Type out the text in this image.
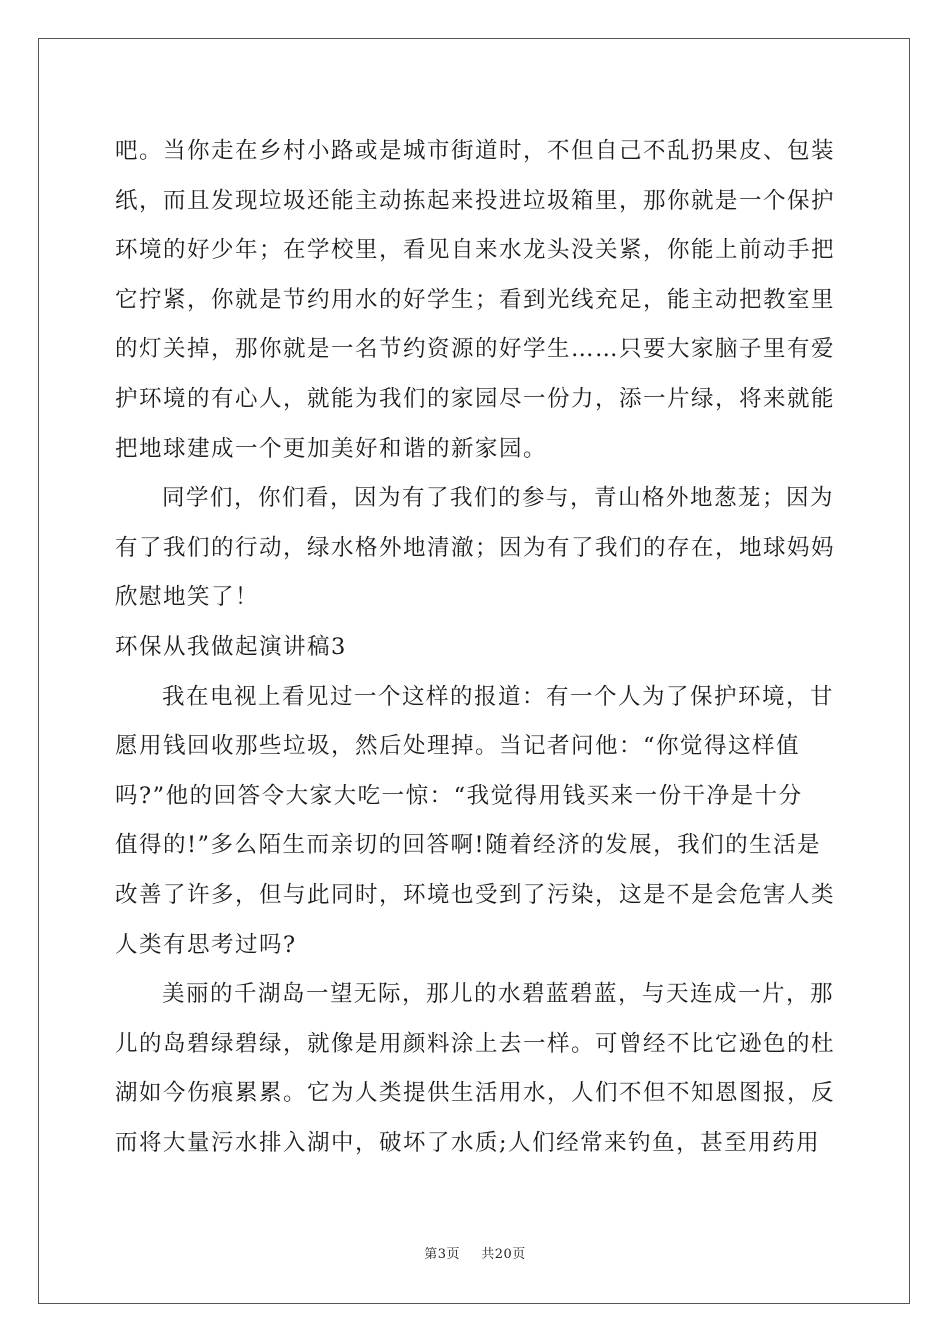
吧。当你走在乡村小路或是城市街道时，不但自己不乱扔果皮、包装
纸，而且发现垃圾还能主动拣起来投进垃圾箱里，那你就是一个保护
环境的好少年；在学校里，看见自来水龙头没关紧，你能上前动手把
它拧紧，你就是节约用水的好学生；看到光线充足，能主动把教室里
的灯关掉，那你就是一名节约资源的好学生……只要大家脑子里有爱
护环境的有心人，就能为我们的家园尽一份力，添一片绿，将来就能
把地球建成一个更加美好和谐的新家园。
同学们，你们看，因为有了我们的参与，青山格外地葱茏；因为
有了我们的行动，绿水格外地清澈；因为有了我们的存在，地球妈妈
欣慰地笑了！
环保从我做起演讲稿3
我在电视上看见过一个这样的报道：有一个人为了保护环境，甘
愿用钱回收那些垃圾，然后处理掉。当记者问他：“你觉得这样值
吗?”他的回答令大家大吃一惊：“我觉得用钱买来一份干净是十分
值得的!”多么陌生而亲切的回答啊!随着经济的发展，我们的生活是
改善了许多，但与此同时，环境也受到了污染，这是不是会危害人类
人类有思考过吗?
美丽的千湖岛一望无际，那儿的水碧蓝碧蓝，与天连成一片，那
儿的岛碧绿碧绿，就像是用颜料涂上去一样。可曾经不比它逊色的杜
湖如今伤痕累累。它为人类提供生活用水，人们不但不知恩图报，反
而将大量污水排入湖中，破坏了水质;人们经常来钓鱼，甚至用药用
第3页 共20页
